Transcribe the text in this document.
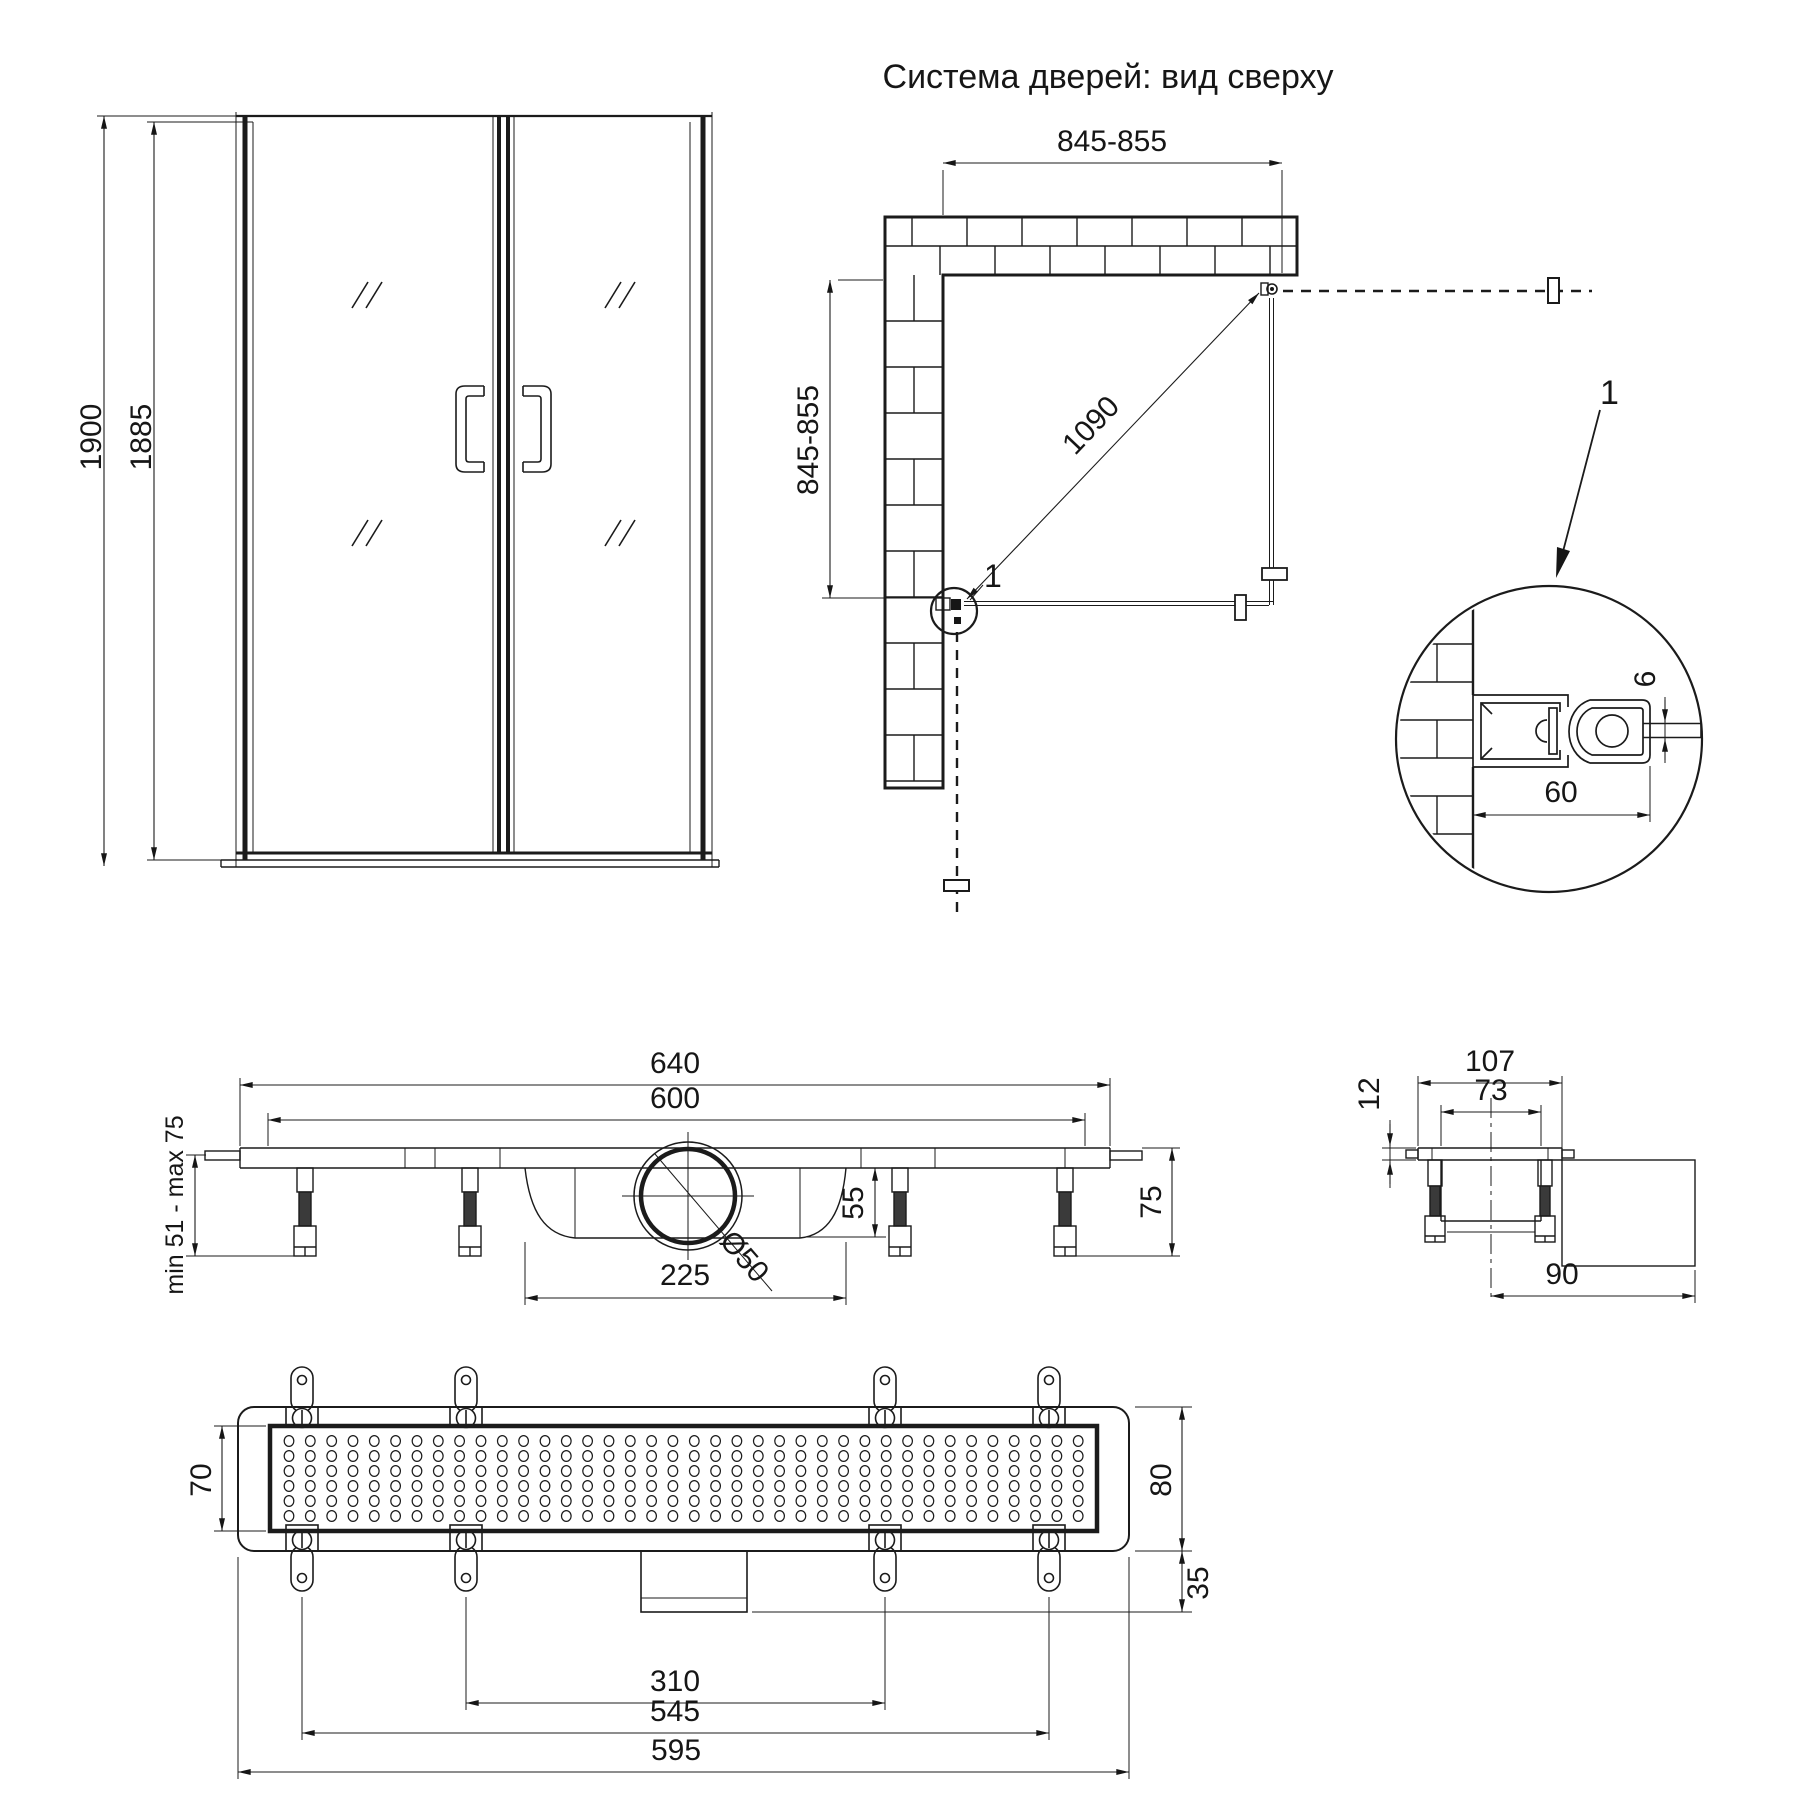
1900 1885
Система дверей: вид сверху
845-855
845-855	1090
1
6
60
1
640
600
Ø50
55
225
min 51 - max 75	75
107
73
12
90
70	80
35
310
545
595
